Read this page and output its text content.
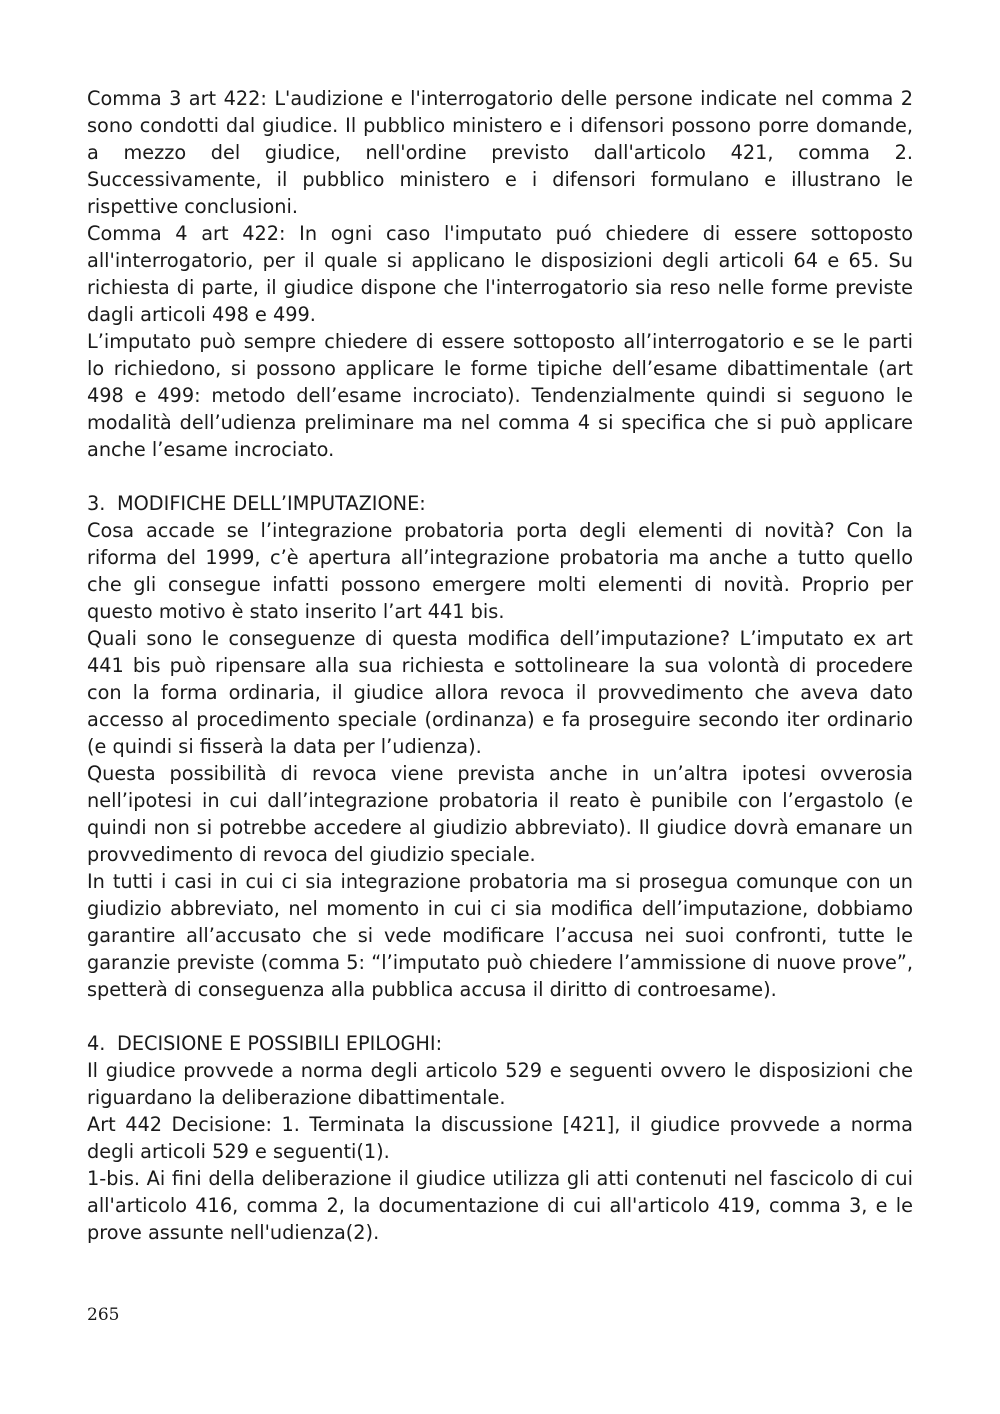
Comma 3 art 422: L'audizione e l'interrogatorio delle persone indicate nel comma 2 sono condotti dal giudice. Il pubblico ministero e i difensori possono porre domande, a mezzo del giudice, nell'ordine previsto dall'articolo 421, comma 2. Successivamente, il pubblico ministero e i difensori formulano e illustrano le rispettive conclusioni.

Comma 4 art 422: In ogni caso l'imputato puó chiedere di essere sottoposto all'interrogatorio, per il quale si applicano le disposizioni degli articoli 64 e 65. Su richiesta di parte, il giudice dispone che l'interrogatorio sia reso nelle forme previste dagli articoli 498 e 499.

L’imputato può sempre chiedere di essere sottoposto all’interrogatorio e se le parti lo richiedono, si possono applicare le forme tipiche dell’esame dibattimentale (art 498 e 499: metodo dell’esame incrociato). Tendenzialmente quindi si seguono le modalità dell’udienza preliminare ma nel comma 4 si specifica che si può applicare anche l’esame incrociato.

3. MODIFICHE DELL’IMPUTAZIONE:

Cosa accade se l’integrazione probatoria porta degli elementi di novità? Con la riforma del 1999, c’è apertura all’integrazione probatoria ma anche a tutto quello che gli consegue infatti possono emergere molti elementi di novità. Proprio per questo motivo è stato inserito l’art 441 bis.

Quali sono le conseguenze di questa modifica dell’imputazione? L’imputato ex art 441 bis può ripensare alla sua richiesta e sottolineare la sua volontà di procedere con la forma ordinaria, il giudice allora revoca il provvedimento che aveva dato accesso al procedimento speciale (ordinanza) e fa proseguire secondo iter ordinario (e quindi si fisserà la data per l’udienza).

Questa possibilità di revoca viene prevista anche in un’altra ipotesi ovverosia nell’ipotesi in cui dall’integrazione probatoria il reato è punibile con l’ergastolo (e quindi non si potrebbe accedere al giudizio abbreviato). Il giudice dovrà emanare un provvedimento di revoca del giudizio speciale.

In tutti i casi in cui ci sia integrazione probatoria ma si prosegua comunque con un giudizio abbreviato, nel momento in cui ci sia modifica dell’imputazione, dobbiamo garantire all’accusato che si vede modificare l’accusa nei suoi confronti, tutte le garanzie previste (comma 5: “l’imputato può chiedere l’ammissione di nuove prove”, spetterà di conseguenza alla pubblica accusa il diritto di controesame).

4. DECISIONE E POSSIBILI EPILOGHI:

Il giudice provvede a norma degli articolo 529 e seguenti ovvero le disposizioni che riguardano la deliberazione dibattimentale.

Art 442 Decisione: 1. Terminata la discussione [421], il giudice provvede a norma degli articoli 529 e seguenti(1).

1-bis. Ai fini della deliberazione il giudice utilizza gli atti contenuti nel fascicolo di cui all'articolo 416, comma 2, la documentazione di cui all'articolo 419, comma 3, e le prove assunte nell'udienza(2).

265
